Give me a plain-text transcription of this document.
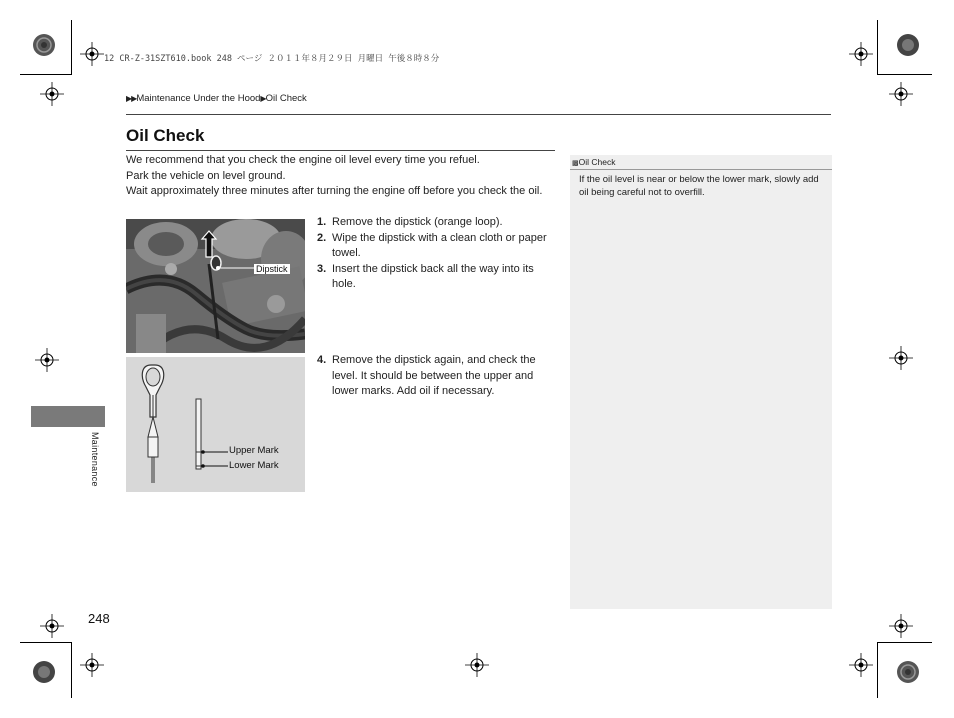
12 CR-Z-31SZT610.book 248 ページ ２０１１年８月２９日 月曜日 午後８時８分
▶▶Maintenance Under the Hood▶Oil Check
Oil Check

We recommend that you check the engine oil level every time you refuel.

Park the vehicle on level ground.

Wait approximately three minutes after turning the engine off before you check the oil.

Dipstick
Upper Mark
Lower Mark

1. Remove the dipstick (orange loop).

2. Wipe the dipstick with a clean cloth or paper towel.

3. Insert the dipstick back all the way into its hole.

4. Remove the dipstick again, and check the level. It should be between the upper and lower marks. Add oil if necessary.

▩Oil Check
If the oil level is near or below the lower mark, slowly add oil being careful not to overfill.
Maintenance
248
